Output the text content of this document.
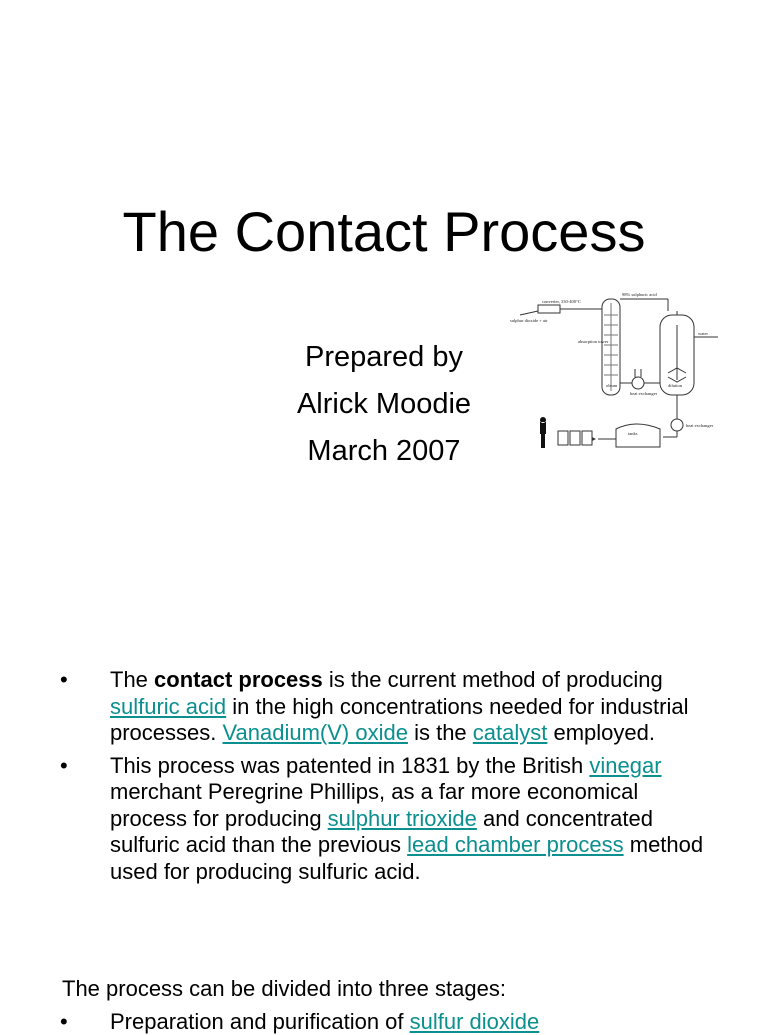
The Contact Process
Prepared by
Alrick Moodie
March 2007
converter, 330-400°C
sulphur dioxide + air
absorption tower
98% sulphuric acid
oleum
heat exchanger
water
dilution
tanks
heat exchanger
• The contact process is the current method of producing sulfuric acid in the high concentrations needed for industrial processes. Vanadium(V) oxide is the catalyst employed.
• This process was patented in 1831 by the British vinegar merchant Peregrine Phillips, as a far more economical process for producing sulphur trioxide and concentrated sulfuric acid than the previous lead chamber process method used for producing sulfuric acid.
The process can be divided into three stages:
• Preparation and purification of sulfur dioxide
